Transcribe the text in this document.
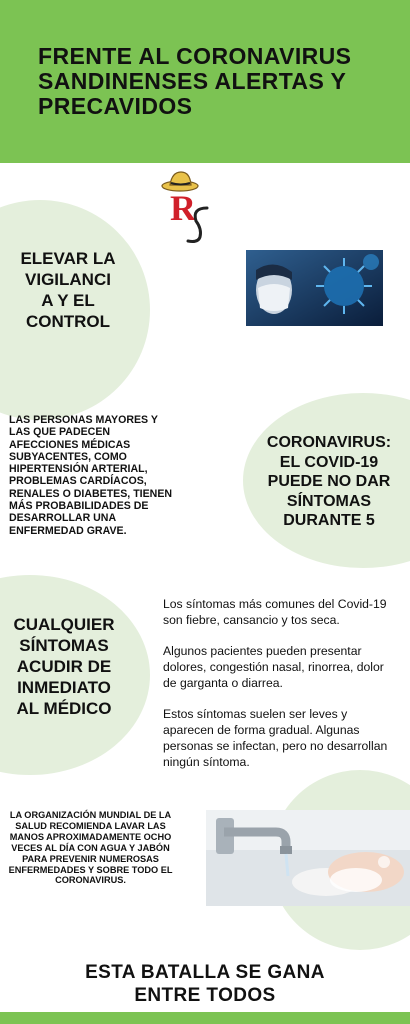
FRENTE AL CORONAVIRUS
SANDINENSES ALERTAS Y
PRECAVIDOS
R
ELEVAR LA
VIGILANCI
A Y EL
CONTROL
LAS PERSONAS MAYORES Y LAS QUE PADECEN AFECCIONES MÉDICAS SUBYACENTES, COMO HIPERTENSIÓN ARTERIAL, PROBLEMAS CARDÍACOS, RENALES O DIABETES, TIENEN MÁS PROBABILIDADES DE DESARROLLAR UNA ENFERMEDAD GRAVE.
CORONAVIRUS:
EL COVID-19
PUEDE NO DAR
SÍNTOMAS
DURANTE 5
CUALQUIER
SÍNTOMAS
ACUDIR DE
INMEDIATO
AL MÉDICO

Los síntomas más comunes del Covid-19 son fiebre, cansancio y tos seca.

Algunos pacientes pueden presentar dolores, congestión nasal, rinorrea, dolor de garganta o diarrea.

Estos síntomas suelen ser leves y aparecen de forma gradual. Algunas personas se infectan, pero no desarrollan ningún síntoma.

LA ORGANIZACIÓN MUNDIAL DE LA SALUD RECOMIENDA LAVAR LAS MANOS APROXIMADAMENTE OCHO VECES AL DÍA CON AGUA Y JABÓN PARA PREVENIR NUMEROSAS ENFERMEDADES Y SOBRE TODO EL CORONAVIRUS.
ESTA BATALLA SE GANA
ENTRE TODOS
